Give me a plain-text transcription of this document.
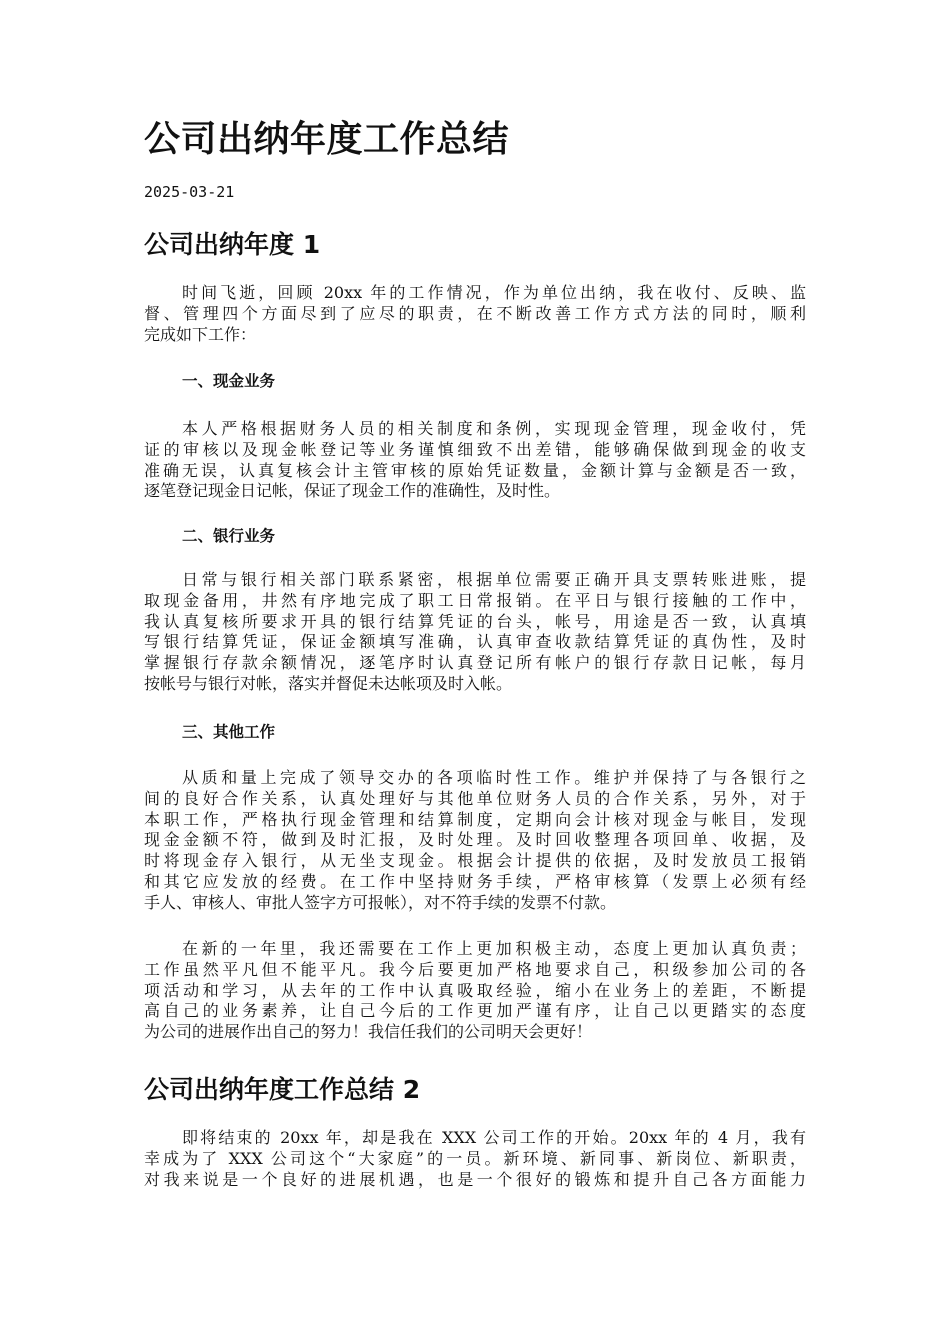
公司出纳年度工作总结
2025-03-21
公司出纳年度 1
时间飞逝，回顾 20xx 年的工作情况，作为单位出纳，我在收付、反映、监
督、管理四个方面尽到了应尽的职责，在不断改善工作方式方法的同时，顺利
完成如下工作：
一、现金业务
本人严格根据财务人员的相关制度和条例，实现现金管理，现金收付，凭
证的审核以及现金帐登记等业务谨慎细致不出差错，能够确保做到现金的收支
准确无误，认真复核会计主管审核的原始凭证数量，金额计算与金额是否一致，
逐笔登记现金日记帐，保证了现金工作的准确性，及时性。
二、银行业务
日常与银行相关部门联系紧密，根据单位需要正确开具支票转账进账，提
取现金备用，井然有序地完成了职工日常报销。在平日与银行接触的工作中，
我认真复核所要求开具的银行结算凭证的台头，帐号，用途是否一致，认真填
写银行结算凭证，保证金额填写准确，认真审查收款结算凭证的真伪性，及时
掌握银行存款余额情况，逐笔序时认真登记所有帐户的银行存款日记帐，每月
按帐号与银行对帐，落实并督促未达帐项及时入帐。
三、其他工作
从质和量上完成了领导交办的各项临时性工作。维护并保持了与各银行之
间的良好合作关系，认真处理好与其他单位财务人员的合作关系，另外，对于
本职工作，严格执行现金管理和结算制度，定期向会计核对现金与帐目，发现
现金金额不符，做到及时汇报，及时处理。及时回收整理各项回单、收据，及
时将现金存入银行，从无坐支现金。根据会计提供的依据，及时发放员工报销
和其它应发放的经费。在工作中坚持财务手续，严格审核算（发票上必须有经
手人、审核人、审批人签字方可报帐），对不符手续的发票不付款。
在新的一年里，我还需要在工作上更加积极主动，态度上更加认真负责；
工作虽然平凡但不能平凡。我今后要更加严格地要求自己，积级参加公司的各
项活动和学习，从去年的工作中认真吸取经验，缩小在业务上的差距，不断提
高自己的业务素养，让自己今后的工作更加严谨有序，让自己以更踏实的态度
为公司的进展作出自己的努力！我信任我们的公司明天会更好！
公司出纳年度工作总结 2
即将结束的 20xx 年，却是我在 XXX 公司工作的开始。20xx 年的 4 月，我有
幸成为了 XXX 公司这个“大家庭”的一员。新环境、新同事、新岗位、新职责，
对我来说是一个良好的进展机遇，也是一个很好的锻炼和提升自己各方面能力
